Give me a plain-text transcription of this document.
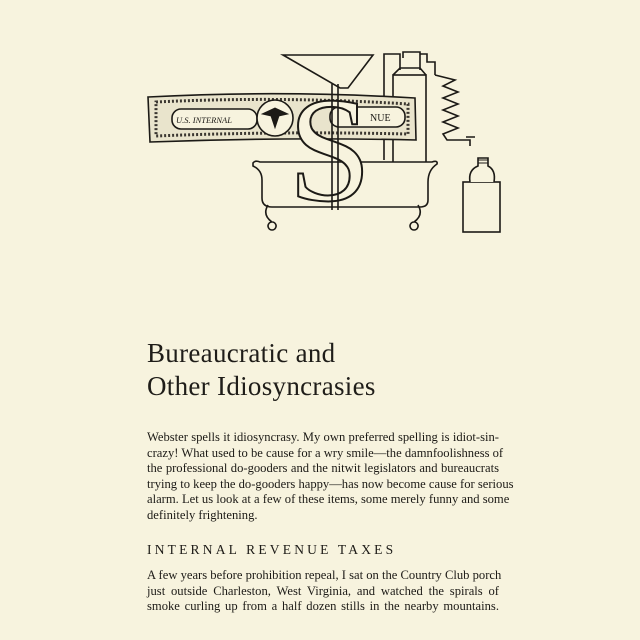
U.S. INTERNAL	NUE
S
Bureaucratic and
Other Idiosyncrasies
Webster spells it idiosyncrasy. My own preferred spelling is idiot-sin-
crazy! What used to be cause for a wry smile—the damnfoolishness of
the professional do-gooders and the nitwit legislators and bureaucrats
trying to keep the do-gooders happy—has now become cause for serious
alarm. Let us look at a few of these items, some merely funny and some
definitely frightening.
INTERNAL REVENUE TAXES
A few years before prohibition repeal, I sat on the Country Club porch
just outside Charleston, West Virginia, and watched the spirals of
smoke curling up from a half dozen stills in the nearby mountains.
